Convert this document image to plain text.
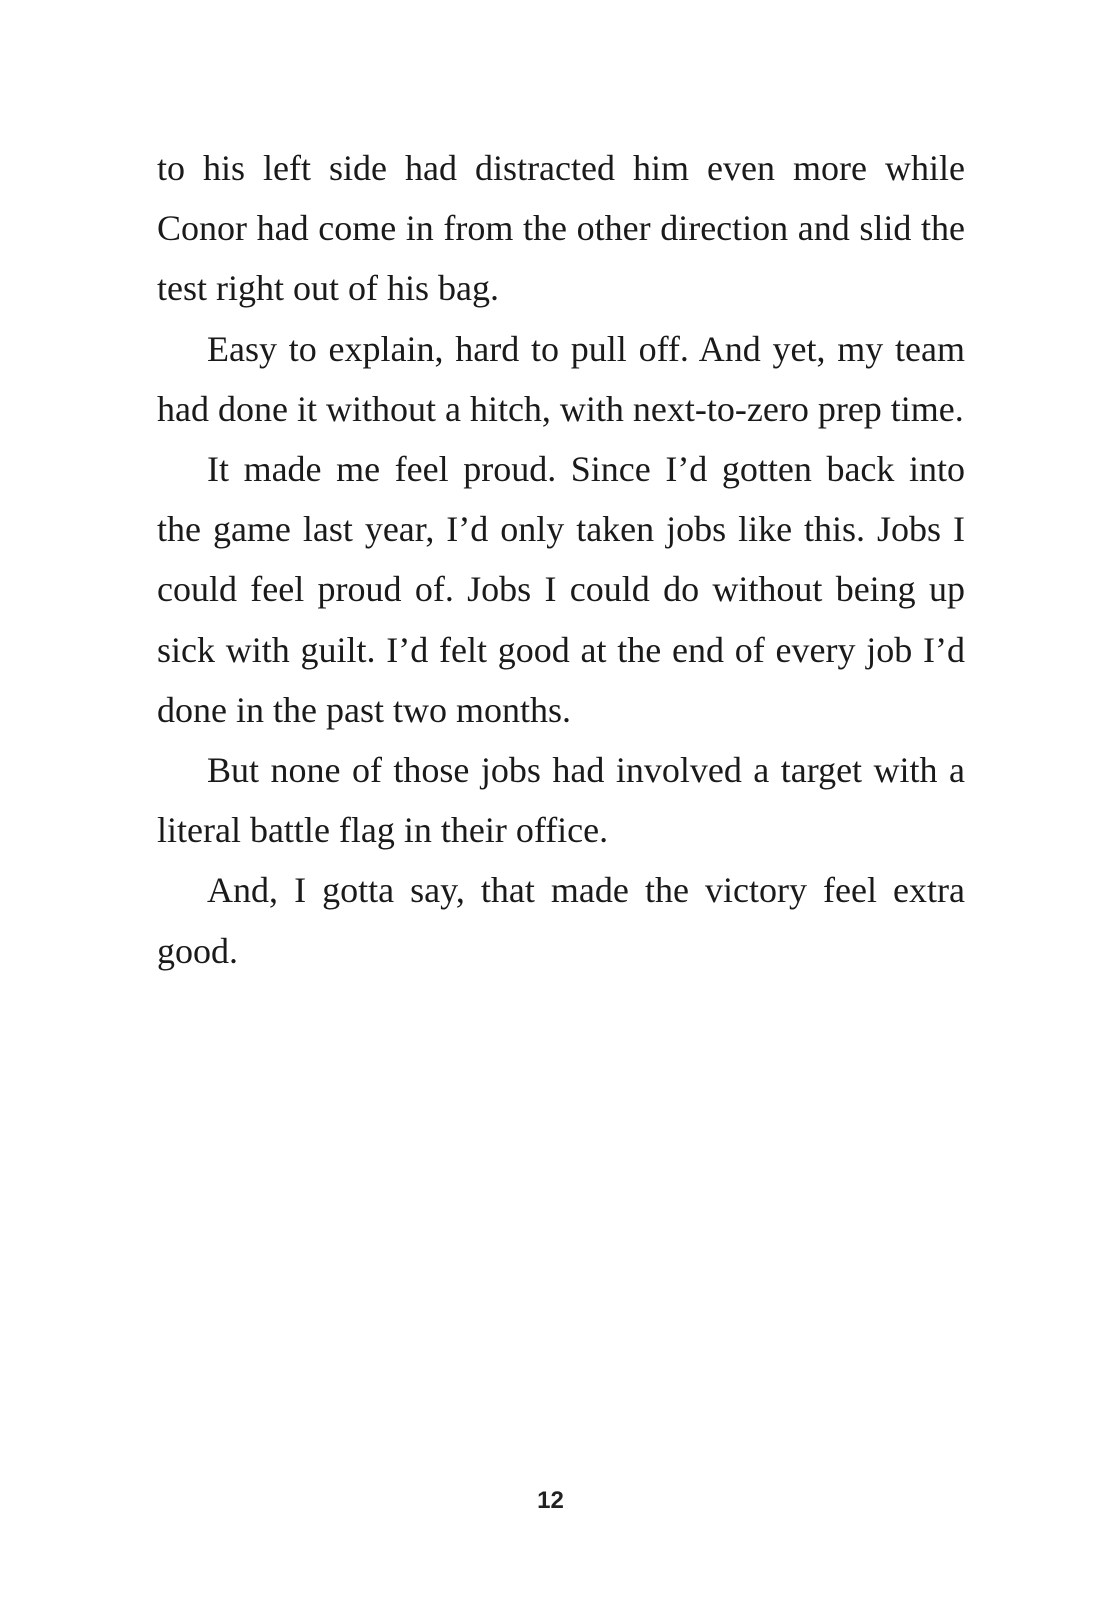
to his left side had distracted him even more while Conor had come in from the other direction and slid the test right out of his bag.

Easy to explain, hard to pull off. And yet, my team had done it without a hitch, with next-to-zero prep time.

It made me feel proud. Since I’d gotten back into the game last year, I’d only taken jobs like this. Jobs I could feel proud of. Jobs I could do without being up sick with guilt. I’d felt good at the end of every job I’d done in the past two months.

But none of those jobs had involved a target with a literal battle flag in their office.

And, I gotta say, that made the victory feel extra good.

12
